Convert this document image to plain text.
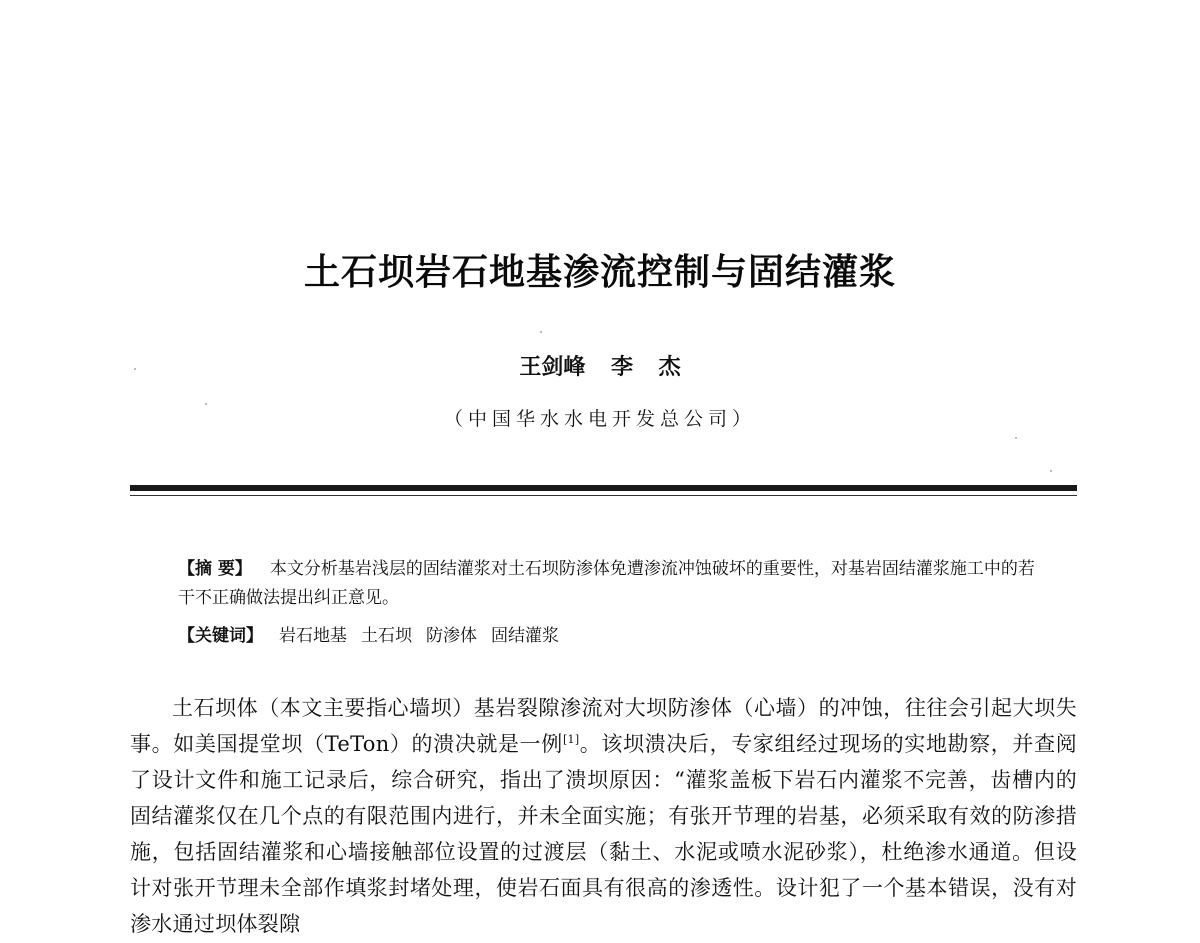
土石坝岩石地基渗流控制与固结灌浆

王剑峰 李 杰

（中国华水水电开发总公司）

【摘 要】 本文分析基岩浅层的固结灌浆对土石坝防渗体免遭渗流冲蚀破坏的重要性，对基岩固结灌浆施工中的若干不正确做法提出纠正意见。

【关键词】 岩石地基 土石坝 防渗体 固结灌浆

土石坝体（本文主要指心墙坝）基岩裂隙渗流对大坝防渗体（心墙）的冲蚀，往往会引起大坝失事。如美国提堂坝（TeTon）的溃决就是一例[1]。该坝溃决后，专家组经过现场的实地勘察，并查阅了设计文件和施工记录后，综合研究，指出了溃坝原因：“灌浆盖板下岩石内灌浆不完善，齿槽内的固结灌浆仅在几个点的有限范围内进行，并未全面实施；有张开节理的岩基，必须采取有效的防渗措施，包括固结灌浆和心墙接触部位设置的过渡层（黏土、水泥或喷水泥砂浆），杜绝渗水通道。但设计对张开节理未全部作填浆封堵处理，使岩石面具有很高的渗透性。设计犯了一个基本错误，没有对渗水通过坝体裂隙
